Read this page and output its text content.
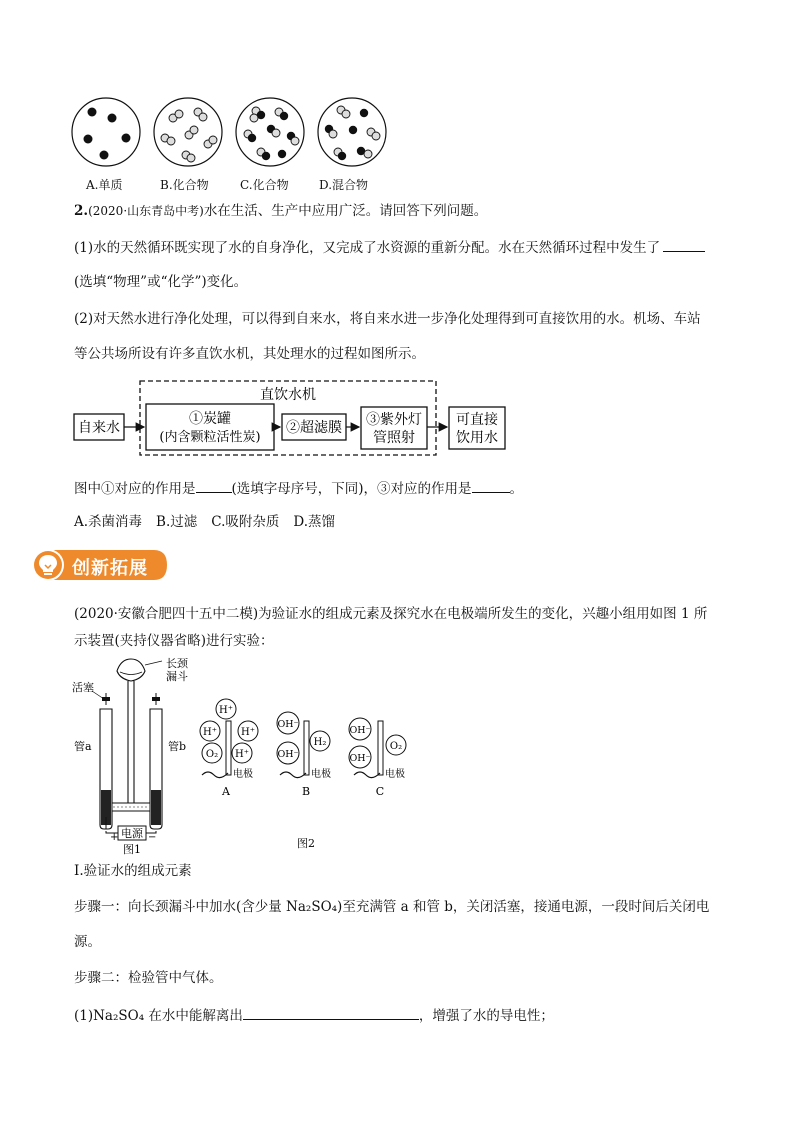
A.单质	B.化合物	C.化合物	D.混合物
2.(2020·山东青岛中考)水在生活、生产中应用广泛。请回答下列问题。
(1)水的天然循环既实现了水的自身净化，又完成了水资源的重新分配。水在天然循环过程中发生了
(选填“物理”或“化学”)变化。
(2)对天然水进行净化处理，可以得到自来水，将自来水进一步净化处理得到可直接饮用的水。机场、车站
等公共场所设有许多直饮水机，其处理水的过程如图所示。
直饮水机
自来水
①炭罐
(内含颗粒活性炭)
②超滤膜 ③紫外灯
管照射
可直接
饮用水
图中①对应的作用是	(选填字母序号，下同)，③对应的作用是	。
A.杀菌消毒 B.过滤 C.吸附杂质 D.蒸馏
创新拓展
(2020·安徽合肥四十五中二模)为验证水的组成元素及探究水在电极端所发生的变化，兴趣小组用如图 1 所
示装置(夹持仪器省略)进行实验：
长颈
漏斗
活塞
管a	管b
电源
+	−
图1
H⁺
H⁺ H⁺
O₂ H⁺
电极
A
OH⁻
OH⁻
H₂
电极
B
OH⁻
OH⁻
O₂
电极
C
图2
Ⅰ.验证水的组成元素
步骤一：向长颈漏斗中加水(含少量 Na₂SO₄)至充满管 a 和管 b，关闭活塞，接通电源，一段时间后关闭电
源。
步骤二：检验管中气体。
(1)Na₂SO₄ 在水中能解离出	，增强了水的导电性；
